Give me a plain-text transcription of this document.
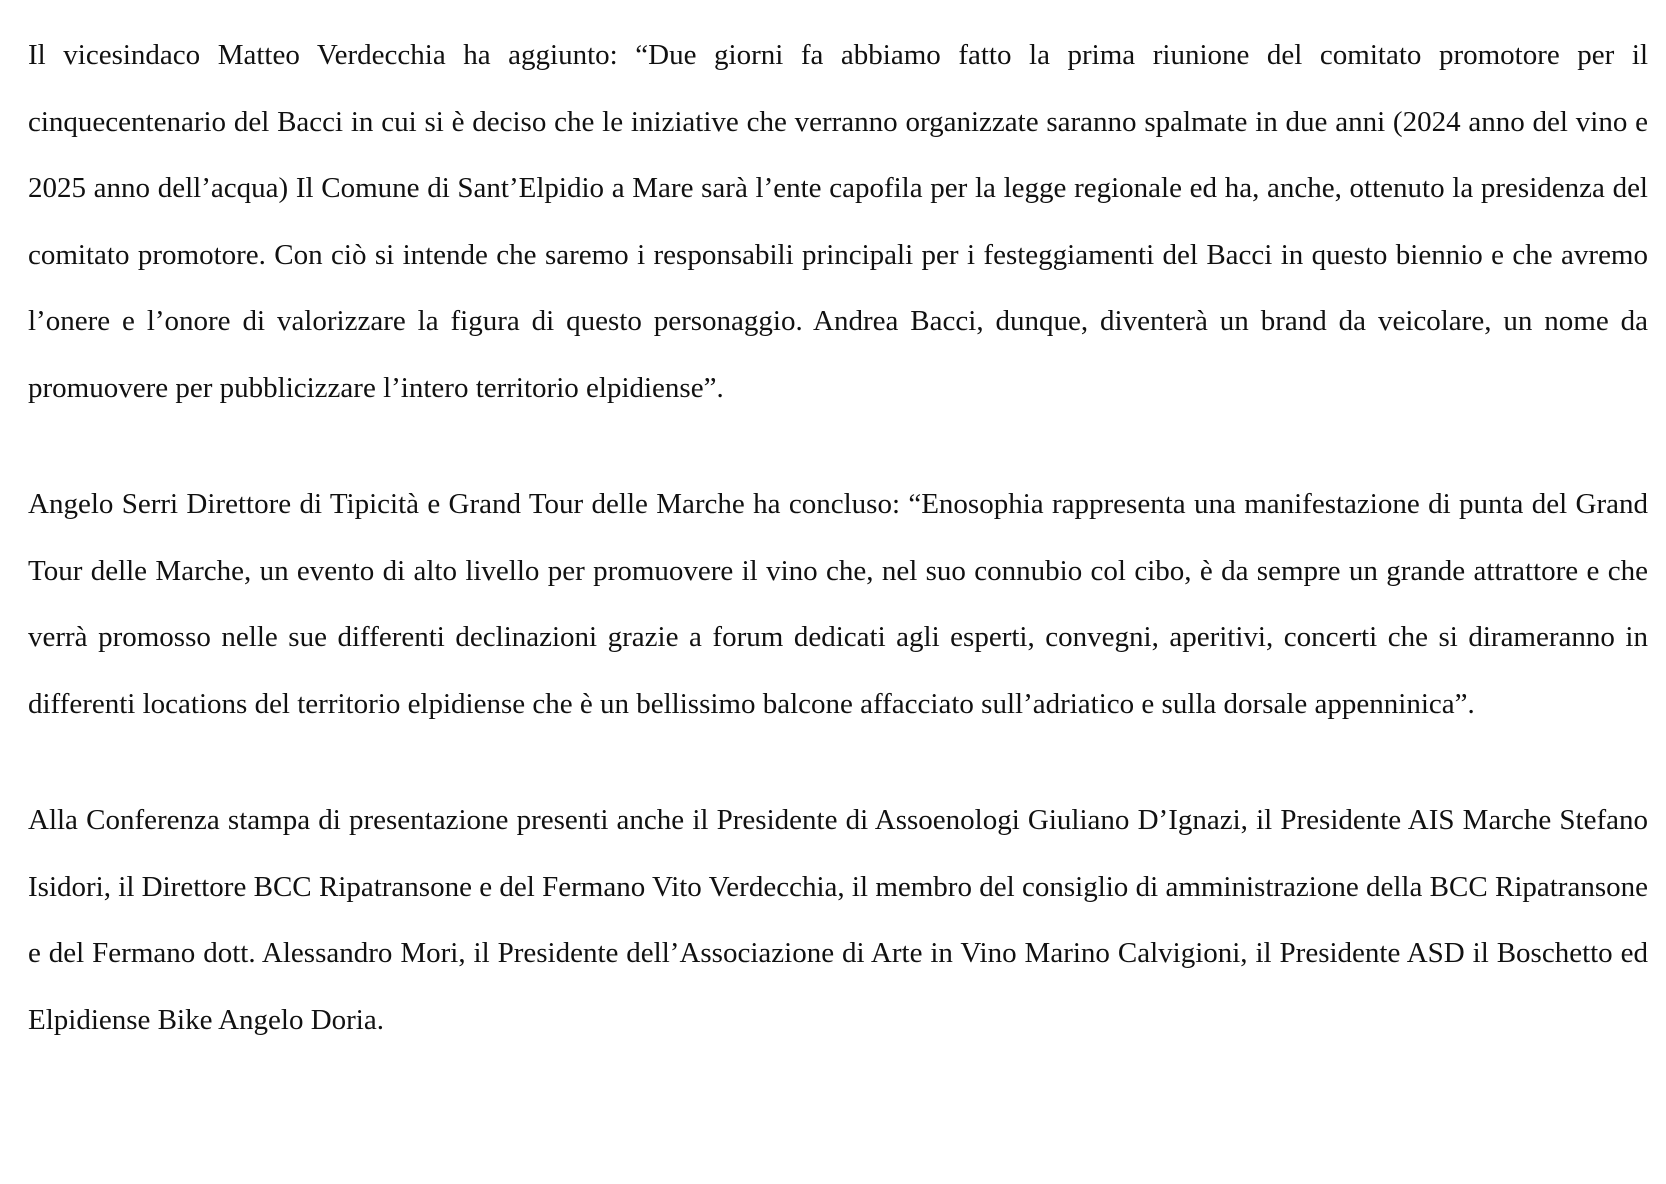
Il vicesindaco Matteo Verdecchia ha aggiunto: “Due giorni fa abbiamo fatto la prima riunione del comitato promotore per il cinquecentenario del Bacci in cui si è deciso che le iniziative che verranno organizzate saranno spalmate in due anni (2024 anno del vino e 2025 anno dell’acqua) Il Comune di Sant’Elpidio a Mare sarà l’ente capofila per la legge regionale ed ha, anche, ottenuto la presidenza del comitato promotore. Con ciò si intende che saremo i responsabili principali per i festeggiamenti del Bacci in questo biennio e che avremo l’onere e l’onore di valorizzare la figura di questo personaggio. Andrea Bacci, dunque, diventerà un brand da veicolare, un nome da promuovere per pubblicizzare l’intero territorio elpidiense”.

Angelo Serri Direttore di Tipicità e Grand Tour delle Marche ha concluso: “Enosophia rappresenta una manifestazione di punta del Grand Tour delle Marche, un evento di alto livello per promuovere il vino che, nel suo connubio col cibo, è da sempre un grande attrattore e che verrà promosso nelle sue differenti declinazioni grazie a forum dedicati agli esperti, convegni, aperitivi, concerti che si dirameranno in differenti locations del territorio elpidiense che è un bellissimo balcone affacciato sull’adriatico e sulla dorsale appenninica”.

Alla Conferenza stampa di presentazione presenti anche il Presidente di Assoenologi Giuliano D’Ignazi, il Presidente AIS Marche Stefano Isidori, il Direttore BCC Ripatransone e del Fermano Vito Verdecchia, il membro del consiglio di amministrazione della BCC Ripatransone e del Fermano dott. Alessandro Mori, il Presidente dell’Associazione di Arte in Vino Marino Calvigioni, il Presidente ASD il Boschetto ed Elpidiense Bike Angelo Doria.
